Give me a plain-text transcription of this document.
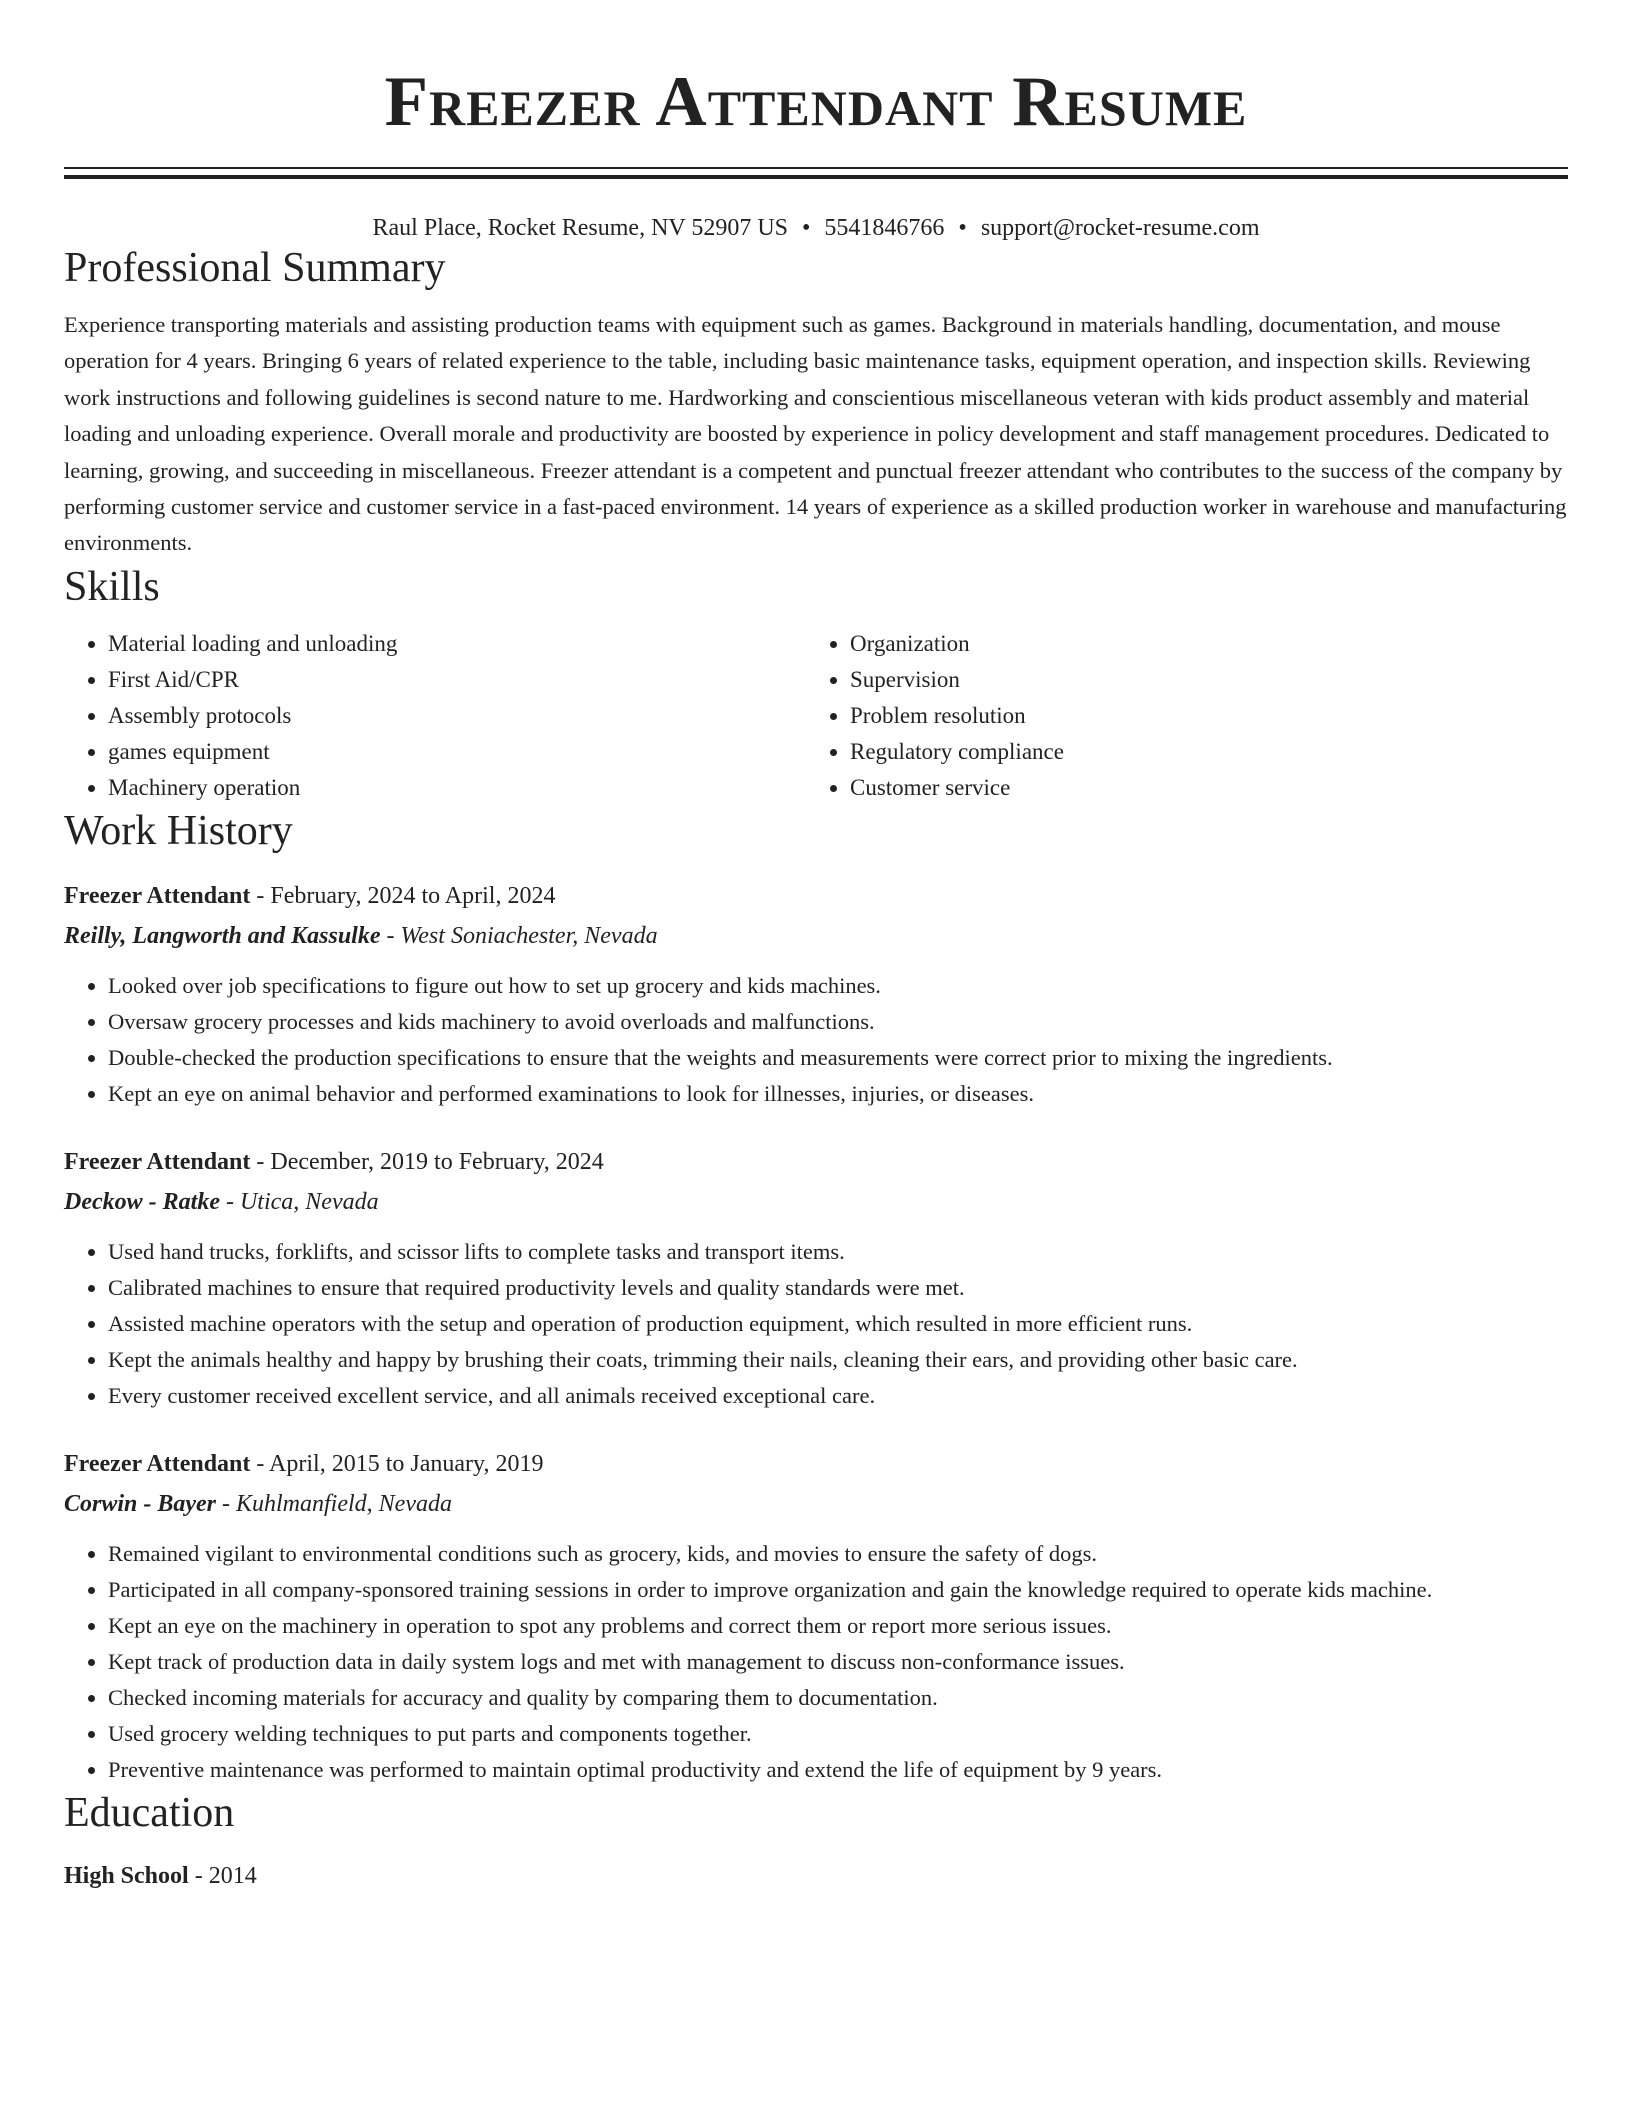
Freezer Attendant Resume
Raul Place, Rocket Resume, NV 52907 US • 5541846766 • support@rocket-resume.com
Professional Summary
Experience transporting materials and assisting production teams with equipment such as games. Background in materials handling, documentation, and mouse operation for 4 years. Bringing 6 years of related experience to the table, including basic maintenance tasks, equipment operation, and inspection skills. Reviewing work instructions and following guidelines is second nature to me. Hardworking and conscientious miscellaneous veteran with kids product assembly and material loading and unloading experience. Overall morale and productivity are boosted by experience in policy development and staff management procedures. Dedicated to learning, growing, and succeeding in miscellaneous. Freezer attendant is a competent and punctual freezer attendant who contributes to the success of the company by performing customer service and customer service in a fast-paced environment. 14 years of experience as a skilled production worker in warehouse and manufacturing environments.
Skills
• Material loading and unloading
• First Aid/CPR
• Assembly protocols
• games equipment
• Machinery operation
• Organization
• Supervision
• Problem resolution
• Regulatory compliance
• Customer service
Work History
Freezer Attendant - February, 2024 to April, 2024
Reilly, Langworth and Kassulke - West Soniachester, Nevada
• Looked over job specifications to figure out how to set up grocery and kids machines.
• Oversaw grocery processes and kids machinery to avoid overloads and malfunctions.
• Double-checked the production specifications to ensure that the weights and measurements were correct prior to mixing the ingredients.
• Kept an eye on animal behavior and performed examinations to look for illnesses, injuries, or diseases.
Freezer Attendant - December, 2019 to February, 2024
Deckow - Ratke - Utica, Nevada
• Used hand trucks, forklifts, and scissor lifts to complete tasks and transport items.
• Calibrated machines to ensure that required productivity levels and quality standards were met.
• Assisted machine operators with the setup and operation of production equipment, which resulted in more efficient runs.
• Kept the animals healthy and happy by brushing their coats, trimming their nails, cleaning their ears, and providing other basic care.
• Every customer received excellent service, and all animals received exceptional care.
Freezer Attendant - April, 2015 to January, 2019
Corwin - Bayer - Kuhlmanfield, Nevada
• Remained vigilant to environmental conditions such as grocery, kids, and movies to ensure the safety of dogs.
• Participated in all company-sponsored training sessions in order to improve organization and gain the knowledge required to operate kids machine.
• Kept an eye on the machinery in operation to spot any problems and correct them or report more serious issues.
• Kept track of production data in daily system logs and met with management to discuss non-conformance issues.
• Checked incoming materials for accuracy and quality by comparing them to documentation.
• Used grocery welding techniques to put parts and components together.
• Preventive maintenance was performed to maintain optimal productivity and extend the life of equipment by 9 years.
Education
High School - 2014
